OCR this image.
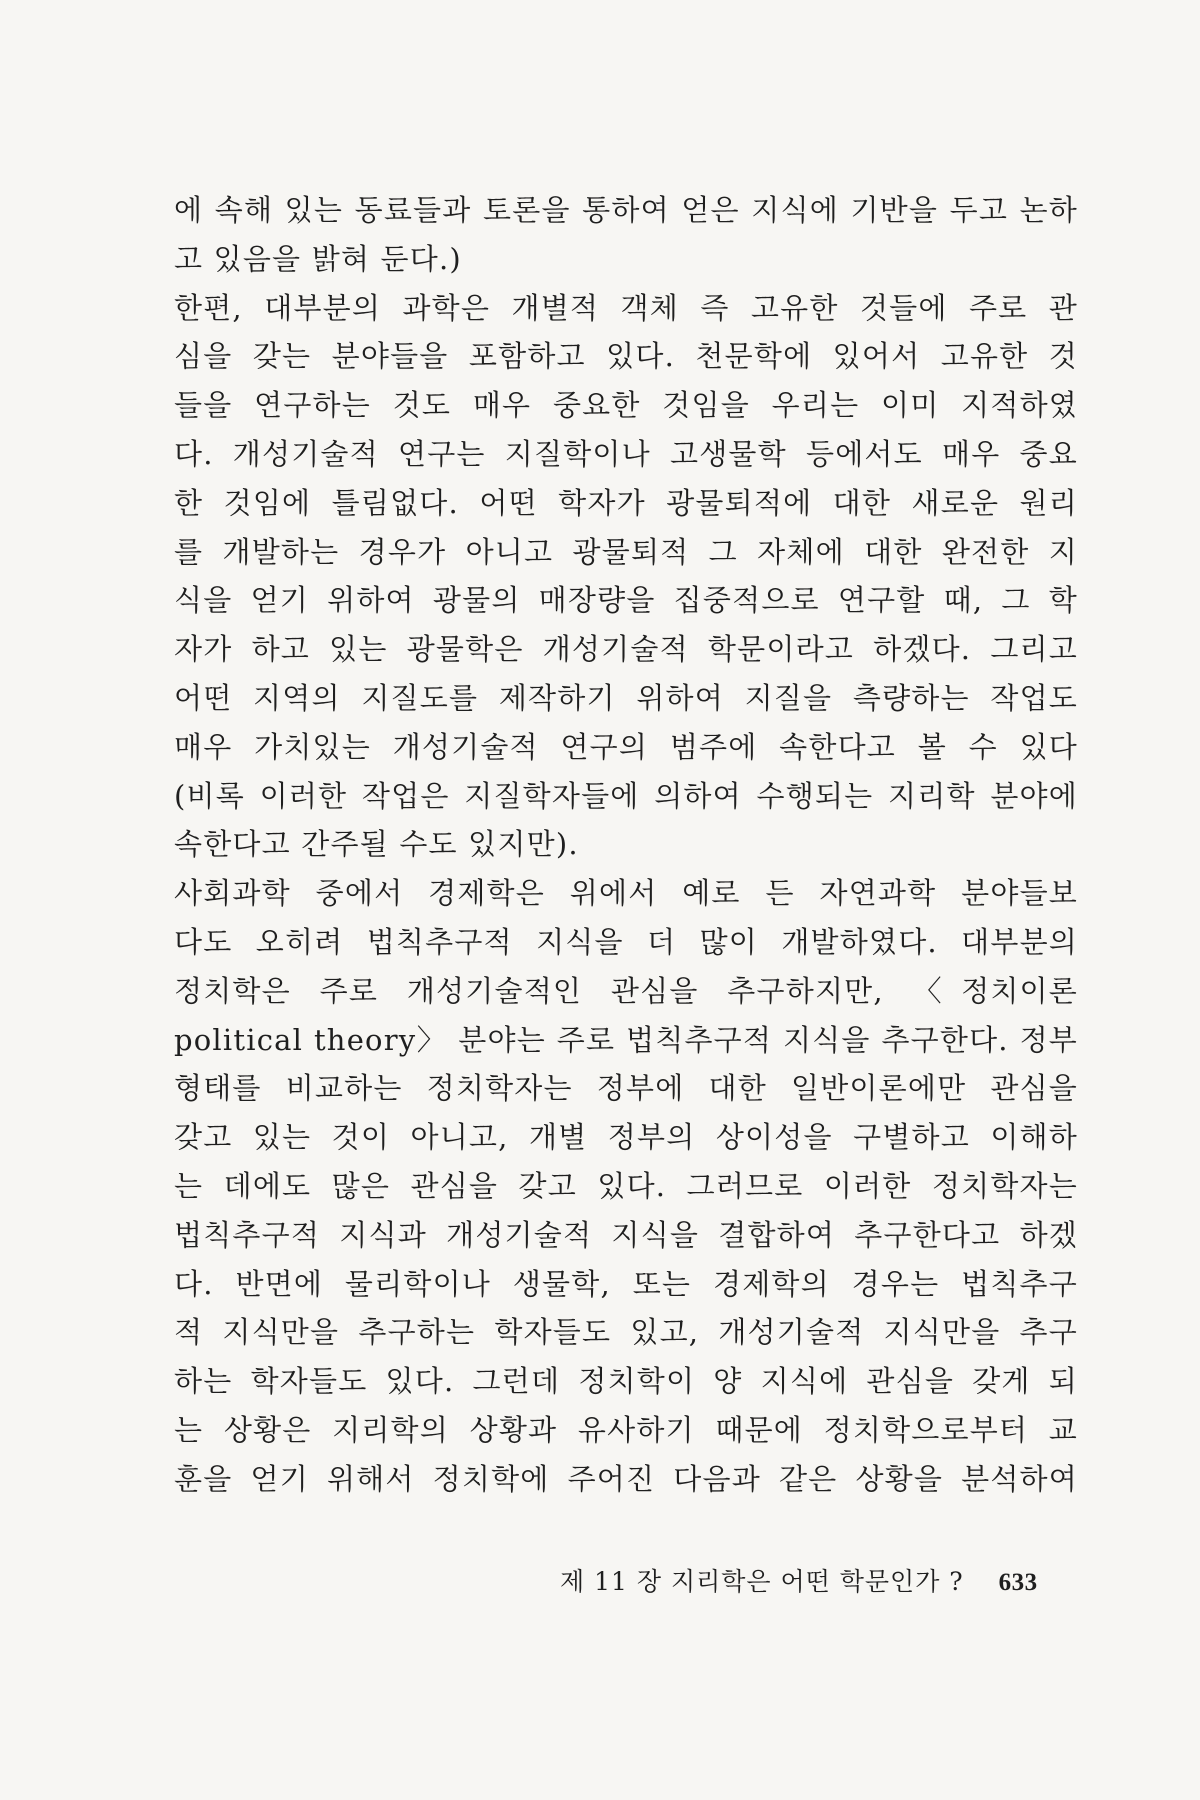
에 속해 있는 동료들과 토론을 통하여 얻은 지식에 기반을 두고 논하
고 있음을 밝혀 둔다.)
한편, 대부분의 과학은 개별적 객체 즉 고유한 것들에 주로 관
심을 갖는 분야들을 포함하고 있다. 천문학에 있어서 고유한 것
들을 연구하는 것도 매우 중요한 것임을 우리는 이미 지적하였
다. 개성기술적 연구는 지질학이나 고생물학 등에서도 매우 중요
한 것임에 틀림없다. 어떤 학자가 광물퇴적에 대한 새로운 원리
를 개발하는 경우가 아니고 광물퇴적 그 자체에 대한 완전한 지
식을 얻기 위하여 광물의 매장량을 집중적으로 연구할 때, 그 학
자가 하고 있는 광물학은 개성기술적 학문이라고 하겠다. 그리고
어떤 지역의 지질도를 제작하기 위하여 지질을 측량하는 작업도
매우 가치있는 개성기술적 연구의 범주에 속한다고 볼 수 있다
(비록 이러한 작업은 지질학자들에 의하여 수행되는 지리학 분야에
속한다고 간주될 수도 있지만).
사회과학 중에서 경제학은 위에서 예로 든 자연과학 분야들보
다도 오히려 법칙추구적 지식을 더 많이 개발하였다. 대부분의
정치학은 주로 개성기술적인 관심을 추구하지만, 〈정치이론
political theory〉 분야는 주로 법칙추구적 지식을 추구한다. 정부
형태를 비교하는 정치학자는 정부에 대한 일반이론에만 관심을
갖고 있는 것이 아니고, 개별 정부의 상이성을 구별하고 이해하
는 데에도 많은 관심을 갖고 있다. 그러므로 이러한 정치학자는
법칙추구적 지식과 개성기술적 지식을 결합하여 추구한다고 하겠
다. 반면에 물리학이나 생물학, 또는 경제학의 경우는 법칙추구
적 지식만을 추구하는 학자들도 있고, 개성기술적 지식만을 추구
하는 학자들도 있다. 그런데 정치학이 양 지식에 관심을 갖게 되
는 상황은 지리학의 상황과 유사하기 때문에 정치학으로부터 교
훈을 얻기 위해서 정치학에 주어진 다음과 같은 상황을 분석하여
제 11 장 지리학은 어떤 학문인가 ? 633
